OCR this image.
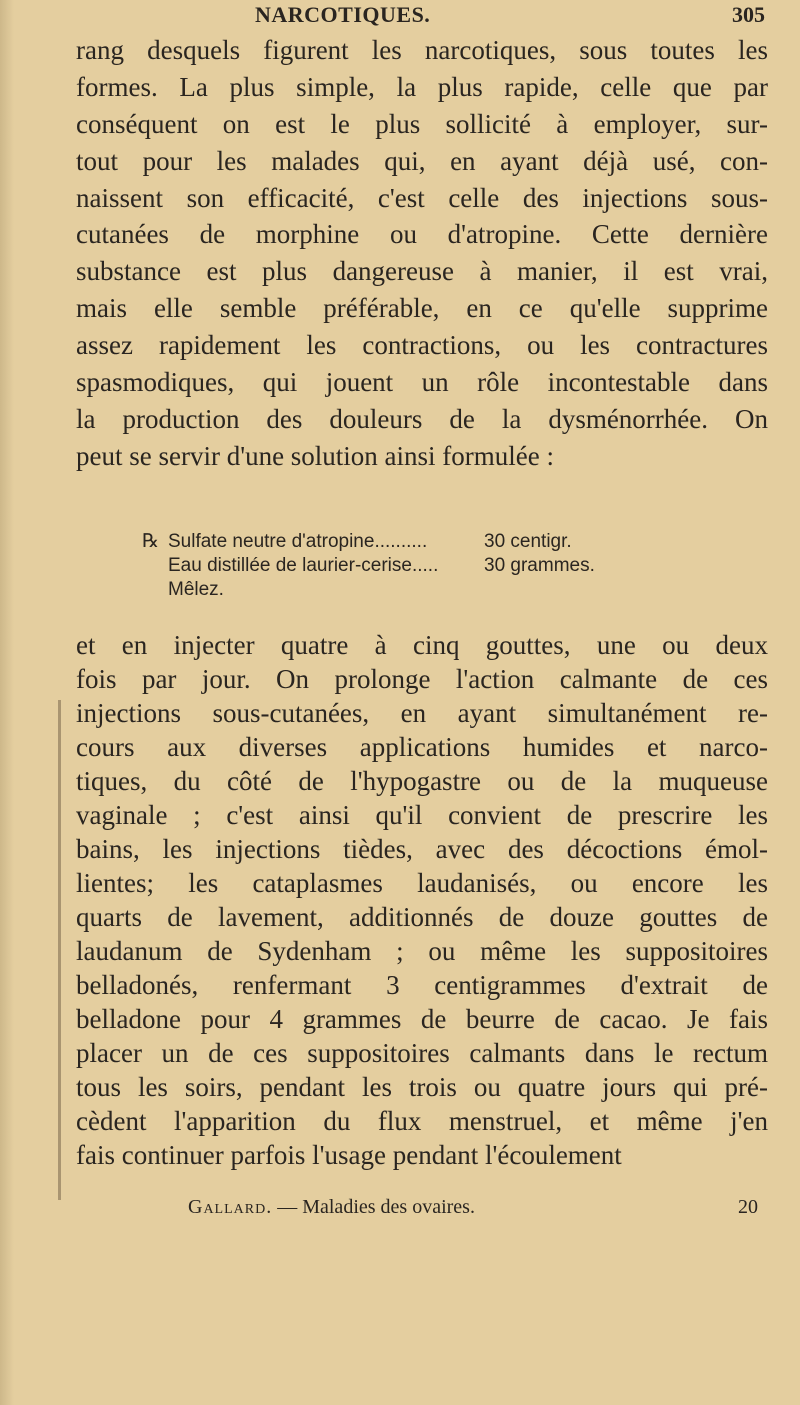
NARCOTIQUES.	305
rang desquels figurent les narcotiques, sous toutes les
formes. La plus simple, la plus rapide, celle que par
conséquent on est le plus sollicité à employer, sur-
tout pour les malades qui, en ayant déjà usé, con-
naissent son efficacité, c'est celle des injections sous-
cutanées de morphine ou d'atropine. Cette dernière
substance est plus dangereuse à manier, il est vrai,
mais elle semble préférable, en ce qu'elle supprime
assez rapidement les contractions, ou les contractures
spasmodiques, qui jouent un rôle incontestable dans
la production des douleurs de la dysménorrhée. On
peut se servir d'une solution ainsi formulée :
℞ Sulfate neutre d'atropine..........	30 centigr.
Eau distillée de laurier-cerise.....	30 grammes.
Mêlez.
et en injecter quatre à cinq gouttes, une ou deux
fois par jour. On prolonge l'action calmante de ces
injections sous-cutanées, en ayant simultanément re-
cours aux diverses applications humides et narco-
tiques, du côté de l'hypogastre ou de la muqueuse
vaginale ; c'est ainsi qu'il convient de prescrire les
bains, les injections tièdes, avec des décoctions émol-
lientes; les cataplasmes laudanisés, ou encore les
quarts de lavement, additionnés de douze gouttes de
laudanum de Sydenham ; ou même les suppositoires
belladonés, renfermant 3 centigrammes d'extrait de
belladone pour 4 grammes de beurre de cacao. Je fais
placer un de ces suppositoires calmants dans le rectum
tous les soirs, pendant les trois ou quatre jours qui pré-
cèdent l'apparition du flux menstruel, et même j'en
fais continuer parfois l'usage pendant l'écoulement
Gallard.
—
Maladies des ovaires.	20
